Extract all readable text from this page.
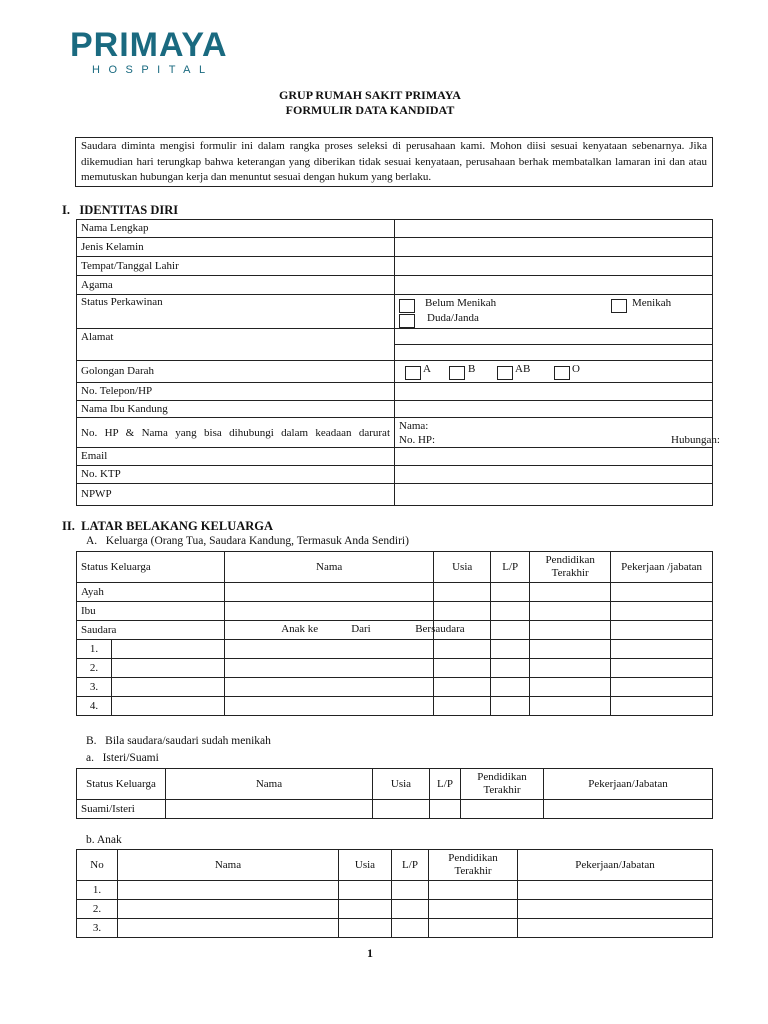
PRIMAYA
HOSPITAL
GRUP RUMAH SAKIT PRIMAYA
FORMULIR DATA KANDIDAT
Saudara diminta mengisi formulir ini dalam rangka proses seleksi di perusahaan kami. Mohon diisi sesuai kenyataan sebenarnya. Jika dikemudian hari terungkap bahwa keterangan yang diberikan tidak sesuai kenyataan, perusahaan berhak membatalkan lamaran ini dan atau memutuskan hubungan kerja dan menuntut sesuai dengan hukum yang berlaku.
I.   IDENTITAS DIRI
Nama Lengkap	
Jenis Kelamin	
Tempat/Tanggal Lahir	
Agama	
Status Perkawinan	Belum Menikah Menikah
Duda/Janda

Alamat	

Golongan Darah	A B AB O

No. Telepon/HP	
Nama Ibu Kandung	
No. HP & Nama yang bisa dihubungi dalam keadaan darurat	Nama:
No. HP: Hubungan:

Email	
No. KTP	
NPWP	
II.  LATAR BELAKANG KELUARGA
A.   Keluarga (Orang Tua, Saudara Kandung, Termasuk Anda Sendiri)
Status Keluarga		Nama	Usia	L/P	Pendidikan Terakhir	Pekerjaan /jabatan
Ayah						
Ibu						
Saudara		Anak ke Dari Bersaudara				

1.						
2.						
3.						
4.						
B.   Bila saudara/saudari sudah menikah
a.   Isteri/Suami
Status Keluarga	Nama	Usia	L/P	Pendidikan Terakhir	Pekerjaan/Jabatan
Suami/Isteri					
b. Anak
No	Nama	Usia	L/P	Pendidikan Terakhir	Pekerjaan/Jabatan
1.					
2.					
3.					
1
